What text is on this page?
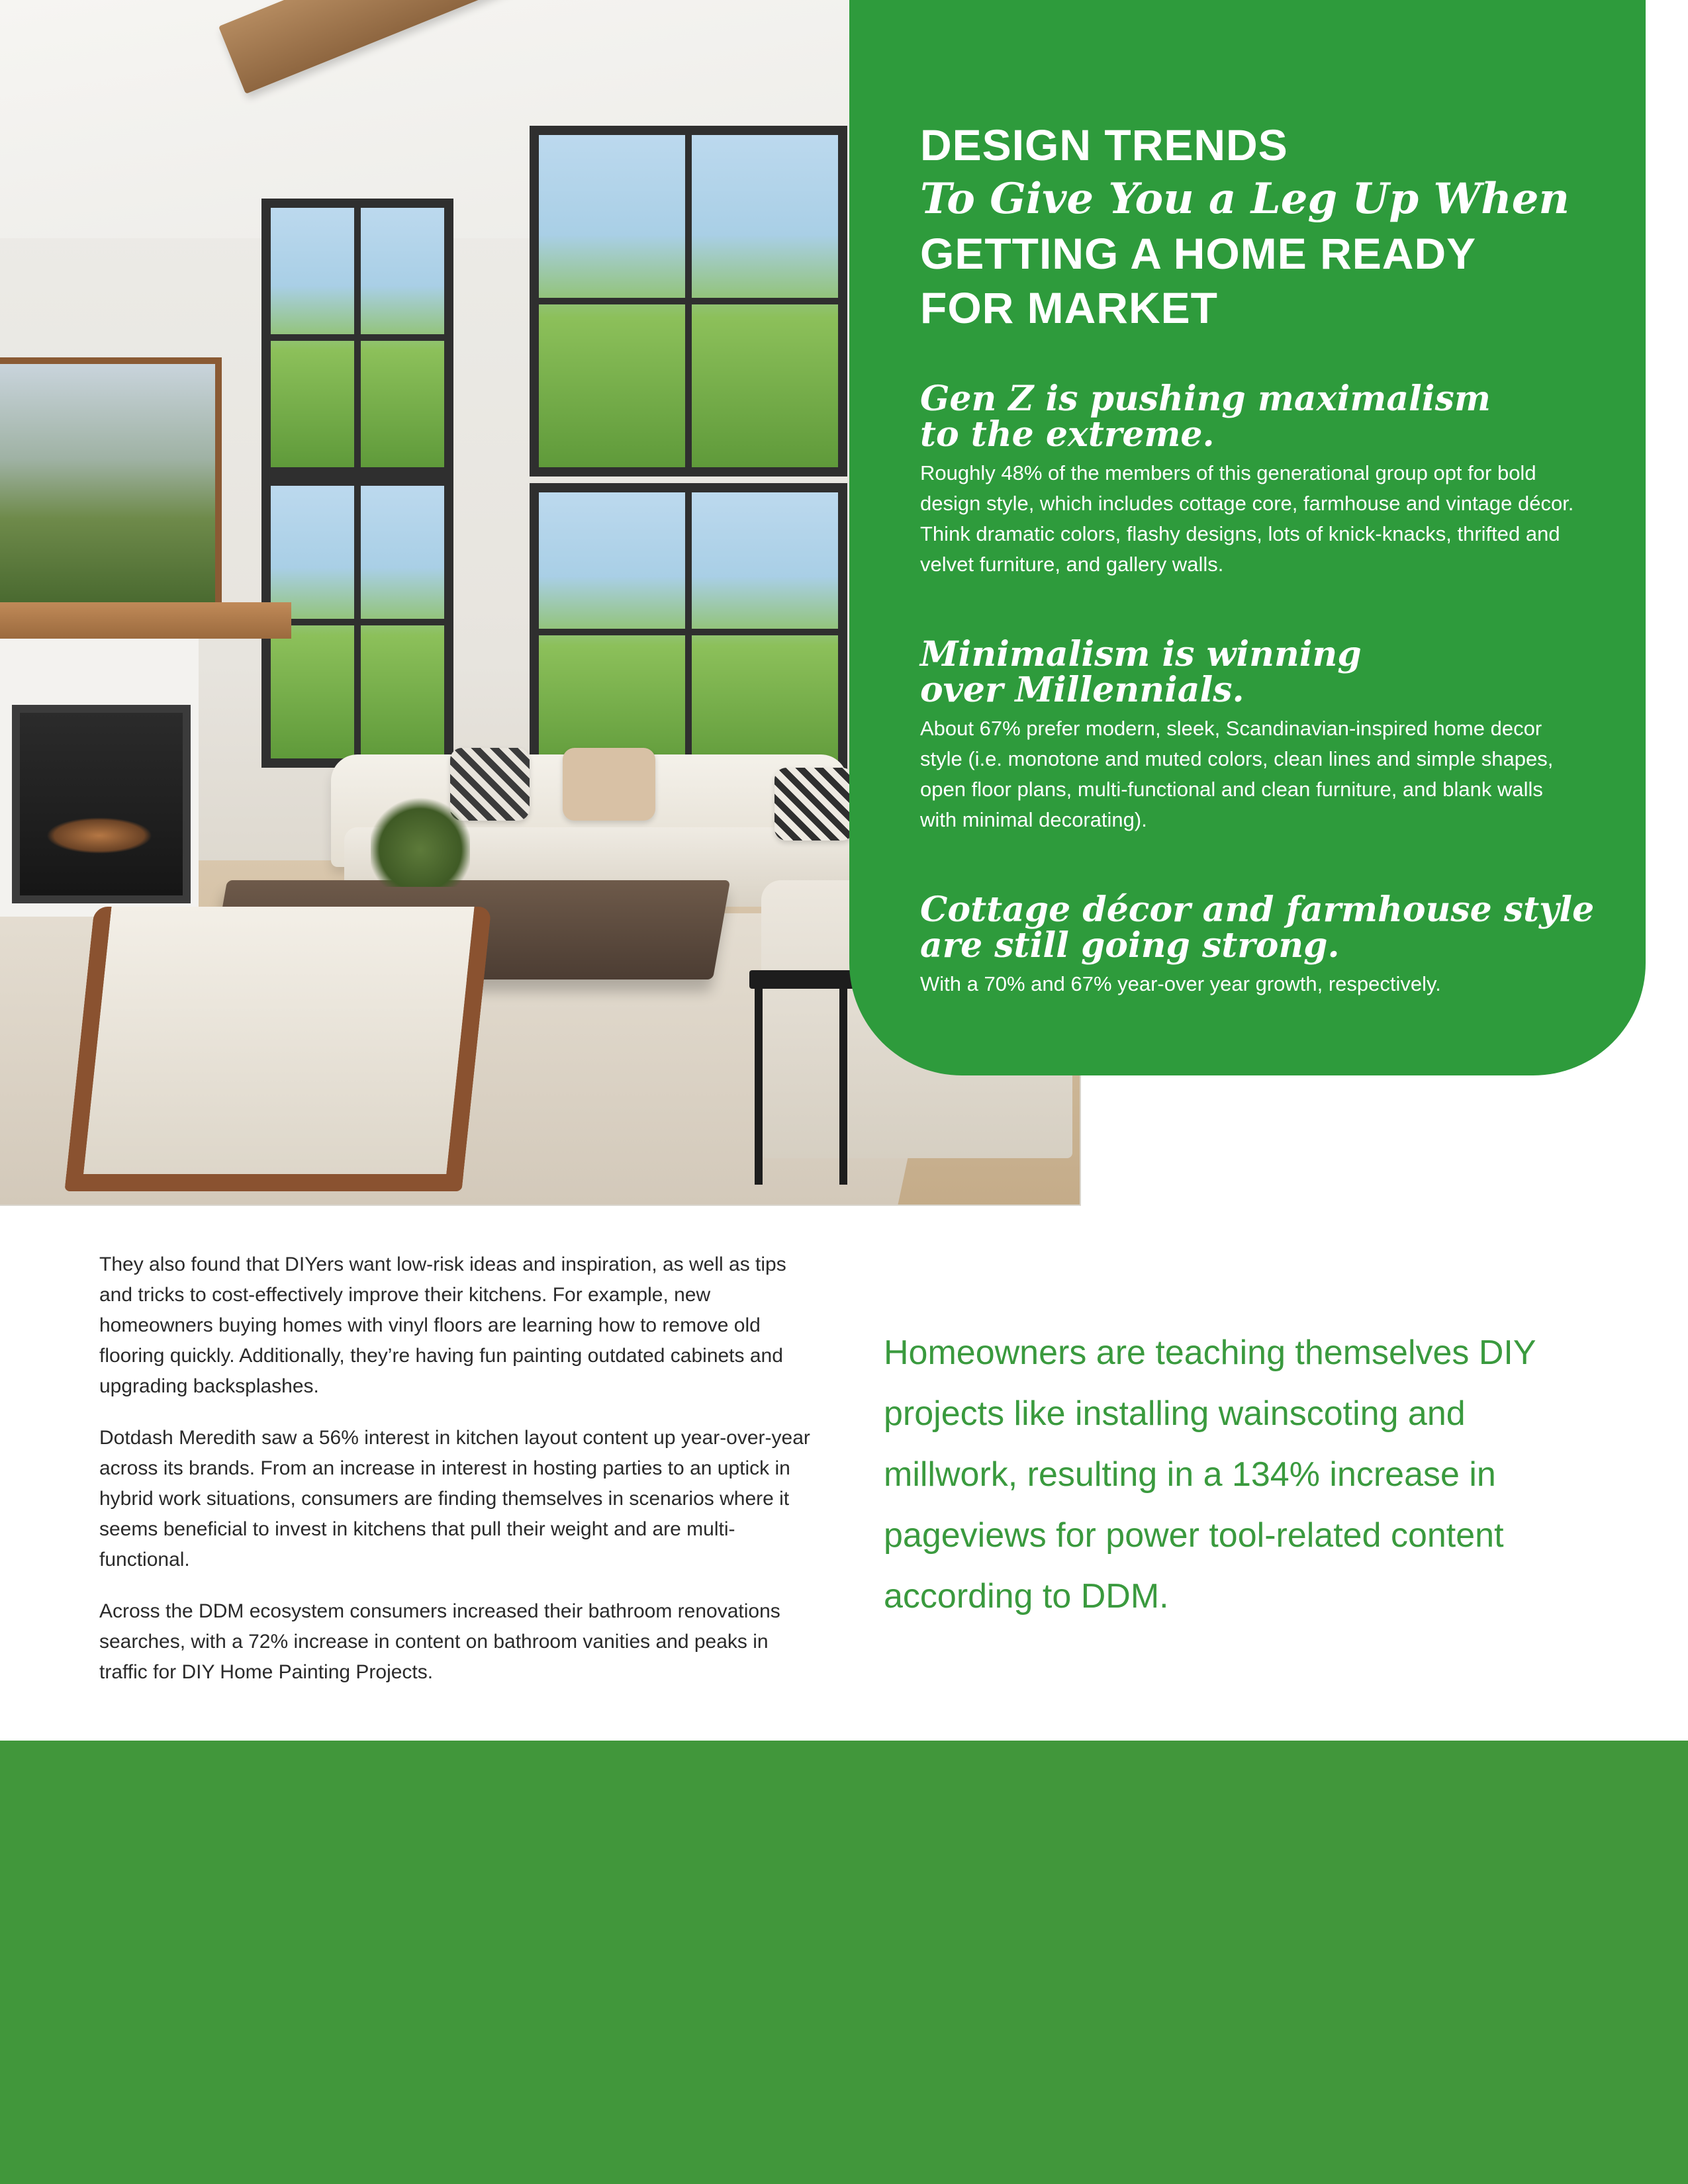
DESIGN TRENDS
To Give You a Leg Up When
GETTING A HOME READY
FOR MARKET
Gen Z is pushing maximalism
to the extreme.

Roughly 48% of the members of this generational group opt for bold design style, which includes cottage core, farmhouse and vintage décor. Think dramatic colors, flashy designs, lots of knick-knacks, thrifted and velvet furniture, and gallery walls.

Minimalism is winning
over Millennials.

About 67% prefer modern, sleek, Scandinavian-inspired home decor style (i.e. monotone and muted colors, clean lines and simple shapes, open floor plans, multi-functional and clean furniture, and blank walls with minimal decorating).

Cottage décor and farmhouse style
are still going strong.

With a 70% and 67% year-over year growth, respectively.

They also found that DIYers want low-risk ideas and inspiration, as well as tips and tricks to cost-effectively improve their kitchens. For example, new homeowners buying homes with vinyl floors are learning how to remove old flooring quickly. Additionally, they’re having fun painting outdated cabinets and upgrading backsplashes.

Dotdash Meredith saw a 56% interest in kitchen layout content up year-over-year across its brands. From an increase in interest in hosting parties to an uptick in hybrid work situations, consumers are finding themselves in scenarios where it seems beneficial to invest in kitchens that pull their weight and are multi-functional.

Across the DDM ecosystem consumers increased their bathroom renovations searches, with a 72% increase in content on bathroom vanities and peaks in traffic for DIY Home Painting Projects.

Homeowners are teaching themselves DIY projects like installing wainscoting and millwork, resulting in a 134% increase in pageviews for power tool-related content according to DDM.
